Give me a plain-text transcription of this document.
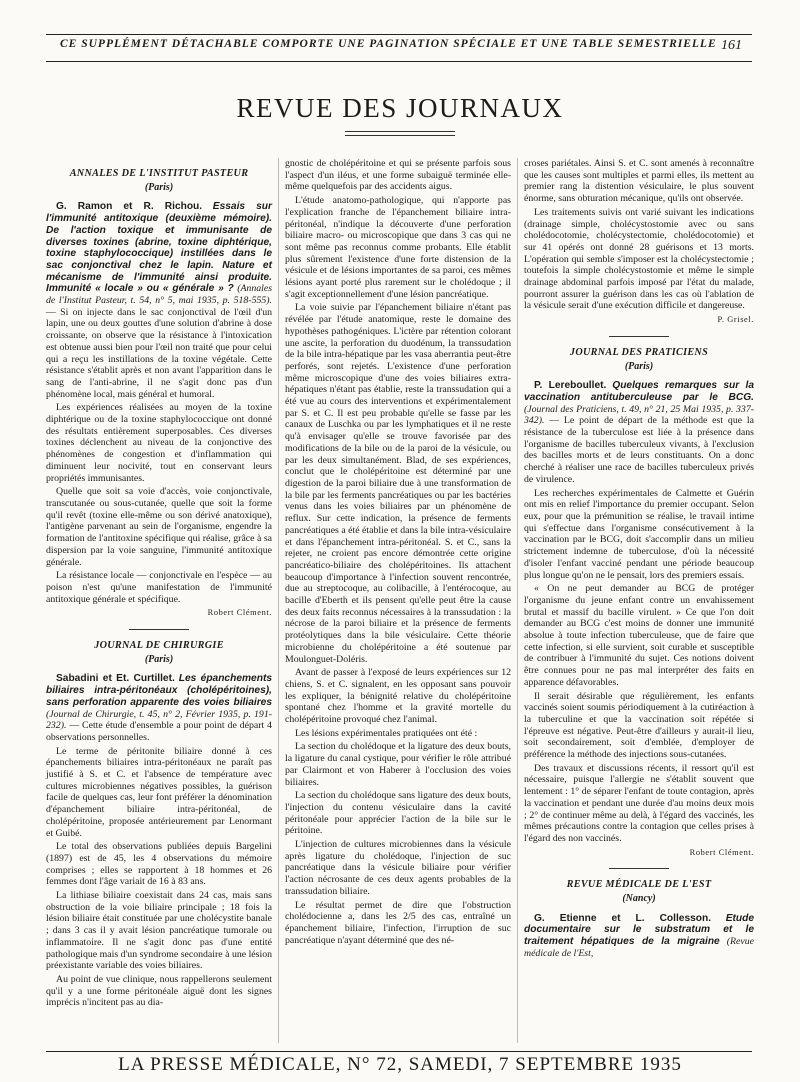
CE SUPPLÉMENT DÉTACHABLE COMPORTE UNE PAGINATION SPÉCIALE ET UNE TABLE SEMESTRIELLE 161
REVUE DES JOURNAUX
ANNALES DE L'INSTITUT PASTEUR
(Paris)

G. Ramon et R. Richou. Essais sur l'immunité antitoxique (deuxième mémoire). De l'action toxique et immunisante de diverses toxines (abrine, toxine diphtérique, toxine staphylococcique) instillées dans le sac conjonctival chez le lapin. Nature et mécanisme de l'immunité ainsi produite. Immunité « locale » ou « générale » ? (Annales de l'Institut Pasteur, t. 54, n° 5, mai 1935, p. 518-555). — Si on injecte dans le sac conjonctival de l'œil d'un lapin, une ou deux gouttes d'une solution d'abrine à dose croissante, on observe que la résistance à l'intoxication est obtenue aussi bien pour l'œil non traité que pour celui qui a reçu les instillations de la toxine végétale. Cette résistance s'établit après et non avant l'apparition dans le sang de l'anti-abrine, il ne s'agit donc pas d'un phénomène local, mais général et humoral.

Les expériences réalisées au moyen de la toxine diphtérique ou de la toxine staphylococcique ont donné des résultats entièrement superposables. Ces diverses toxines déclenchent au niveau de la conjonctive des phénomènes de congestion et d'inflammation qui diminuent leur nocivité, tout en conservant leurs propriétés immunisantes.

Quelle que soit sa voie d'accès, voie conjonctivale, transcutanée ou sous-cutanée, quelle que soit la forme qu'il revêt (toxine elle-même ou son dérivé anatoxique), l'antigène parvenant au sein de l'organisme, engendre la formation de l'antitoxine spécifique qui réalise, grâce à sa dispersion par la voie sanguine, l'immunité antitoxique générale.

La résistance locale — conjonctivale en l'espèce — au poison n'est qu'une manifestation de l'immunité antitoxique générale et spécifique.

Robert Clément.
JOURNAL DE CHIRURGIE
(Paris)

Sabadini et Et. Curtillet. Les épanchements biliaires intra-péritonéaux (cholépéritoines), sans perforation apparente des voies biliaires (Journal de Chirurgie, t. 45, n° 2, Février 1935, p. 191-232). — Cette étude d'ensemble a pour point de départ 4 observations personnelles.

Le terme de péritonite biliaire donné à ces épanchements biliaires intra-péritonéaux ne paraît pas justifié à S. et C. et l'absence de température avec cultures microbiennes négatives possibles, la guérison facile de quelques cas, leur font préférer la dénomination d'épanchement biliaire intra-péritonéal, de cholépéritoine, proposée antérieurement par Lenormant et Guibé.

Le total des observations publiées depuis Bargelini (1897) est de 45, les 4 observations du mémoire comprises ; elles se rapportent à 18 hommes et 26 femmes dont l'âge variait de 16 à 83 ans.

La lithiase biliaire coexistait dans 24 cas, mais sans obstruction de la voie biliaire principale ; 18 fois la lésion biliaire était constituée par une cholécystite banale ; dans 3 cas il y avait lésion pancréatique tumorale ou inflammatoire. Il ne s'agit donc pas d'une entité pathologique mais d'un syndrome secondaire à une lésion préexistante variable des voies biliaires.

Au point de vue clinique, nous rappellerons seulement qu'il y a une forme péritonéale aiguë dont les signes imprécis n'incitent pas au dia-

gnostic de cholépéritoine et qui se présente parfois sous l'aspect d'un iléus, et une forme subaiguë terminée elle-même quelquefois par des accidents aigus.

L'étude anatomo-pathologique, qui n'apporte pas l'explication franche de l'épanchement biliaire intra-péritonéal, n'indique la découverte d'une perforation biliaire macro- ou microscopique que dans 3 cas qui ne sont même pas reconnus comme probants. Elle établit plus sûrement l'existence d'une forte distension de la vésicule et de lésions importantes de sa paroi, ces mêmes lésions ayant porté plus rarement sur le cholédoque ; il s'agit exceptionnellement d'une lésion pancréatique.

La voie suivie par l'épanchement biliaire n'étant pas révélée par l'étude anatomique, reste le domaine des hypothèses pathogéniques. L'ictère par rétention colorant une ascite, la perforation du duodénum, la transsudation de la bile intra-hépatique par les vasa aberrantia peut-être perforés, sont rejetés. L'existence d'une perforation même microscopique d'une des voies biliaires extra-hépatiques n'étant pas établie, reste la transsudation qui a été vue au cours des interventions et expérimentalement par S. et C. Il est peu probable qu'elle se fasse par les canaux de Luschka ou par les lymphatiques et il ne reste qu'à envisager qu'elle se trouve favorisée par des modifications de la bile ou de la paroi de la vésicule, ou par les deux simultanément. Blad, de ses expériences, conclut que le cholépéritoine est déterminé par une digestion de la paroi biliaire due à une transformation de la bile par les ferments pancréatiques ou par les bactéries venus dans les voies biliaires par un phénomène de reflux. Sur cette indication, la présence de ferments pancréatiques a été établie et dans la bile intra-vésiculaire et dans l'épanchement intra-péritonéal. S. et C., sans la rejeter, ne croient pas encore démontrée cette origine pancréatico-biliaire des cholépéritoines. Ils attachent beaucoup d'importance à l'infection souvent rencontrée, due au streptocoque, au colibacille, à l'entérocoque, au bacille d'Eberth et ils pensent qu'elle peut être la cause des deux faits reconnus nécessaires à la transsudation : la nécrose de la paroi biliaire et la présence de ferments protéolytiques dans la bile vésiculaire. Cette théorie microbienne du cholépéritoine a été soutenue par Moulonguet-Doléris.

Avant de passer à l'exposé de leurs expériences sur 12 chiens, S. et C. signalent, en les opposant sans pouvoir les expliquer, la bénignité relative du cholépéritoine spontané chez l'homme et la gravité mortelle du cholépéritoine provoqué chez l'animal.

Les lésions expérimentales pratiquées ont été :

La section du cholédoque et la ligature des deux bouts, la ligature du canal cystique, pour vérifier le rôle attribué par Clairmont et von Haberer à l'occlusion des voies biliaires.

La section du cholédoque sans ligature des deux bouts, l'injection du contenu vésiculaire dans la cavité péritonéale pour apprécier l'action de la bile sur le péritoine.

L'injection de cultures microbiennes dans la vésicule après ligature du cholédoque, l'injection de suc pancréatique dans la vésicule biliaire pour vérifier l'action nécrosante de ces deux agents probables de la transsudation biliaire.

Le résultat permet de dire que l'obstruction cholédocienne a, dans les 2/5 des cas, entraîné un épanchement biliaire, l'infection, l'irruption de suc pancréatique n'ayant déterminé que des né-

croses pariétales. Ainsi S. et C. sont amenés à reconnaître que les causes sont multiples et parmi elles, ils mettent au premier rang la distention vésiculaire, le plus souvent énorme, sans obturation mécanique, qu'ils ont observée.

Les traitements suivis ont varié suivant les indications (drainage simple, cholécystostomie avec ou sans cholédocotomie, cholécystectomie, cholédocotomie) et sur 41 opérés ont donné 28 guérisons et 13 morts. L'opération qui semble s'imposer est la cholécystectomie ; toutefois la simple cholécystostomie et même le simple drainage abdominal parfois imposé par l'état du malade, pourront assurer la guérison dans les cas où l'ablation de la vésicule serait d'une exécution difficile et dangereuse.

P. Grisel.
JOURNAL DES PRATICIENS
(Paris)

P. Lereboullet. Quelques remarques sur la vaccination antituberculeuse par le BCG. (Journal des Praticiens, t. 49, n° 21, 25 Mai 1935, p. 337-342). — Le point de départ de la méthode est que la résistance de la tuberculose est liée à la présence dans l'organisme de bacilles tuberculeux vivants, à l'exclusion des bacilles morts et de leurs constituants. On a donc cherché à réaliser une race de bacilles tuberculeux privés de virulence.

Les recherches expérimentales de Calmette et Guérin ont mis en relief l'importance du premier occupant. Selon eux, pour que la prémunition se réalise, le travail intime qui s'effectue dans l'organisme consécutivement à la vaccination par le BCG, doit s'accomplir dans un milieu strictement indemne de tuberculose, d'où la nécessité d'isoler l'enfant vacciné pendant une période beaucoup plus longue qu'on ne le pensait, lors des premiers essais.

« On ne peut demander au BCG de protéger l'organisme du jeune enfant contre un envahissement brutal et massif du bacille virulent. » Ce que l'on doit demander au BCG c'est moins de donner une immunité absolue à toute infection tuberculeuse, que de faire que cette infection, si elle survient, soit curable et susceptible de contribuer à l'immunité du sujet. Ces notions doivent être connues pour ne pas mal interpréter des faits en apparence défavorables.

Il serait désirable que régulièrement, les enfants vaccinés soient soumis périodiquement à la cutiréaction à la tuberculine et que la vaccination soit répétée si l'épreuve est négative. Peut-être d'ailleurs y aurait-il lieu, soit secondairement, soit d'emblée, d'employer de préférence la méthode des injections sous-cutanées.

Des travaux et discussions récents, il ressort qu'il est nécessaire, puisque l'allergie ne s'établit souvent que lentement : 1° de séparer l'enfant de toute contagion, après la vaccination et pendant une durée d'au moins deux mois ; 2° de continuer même au delà, à l'égard des vaccinés, les mêmes précautions contre la contagion que celles prises à l'égard des non vaccinés.

Robert Clément.
REVUE MÉDICALE DE L'EST
(Nancy)

G. Etienne et L. Collesson. Etude documentaire sur le substratum et le traitement hépatiques de la migraine (Revue médicale de l'Est,

LA PRESSE MÉDICALE, N° 72, SAMEDI, 7 SEPTEMBRE 1935
